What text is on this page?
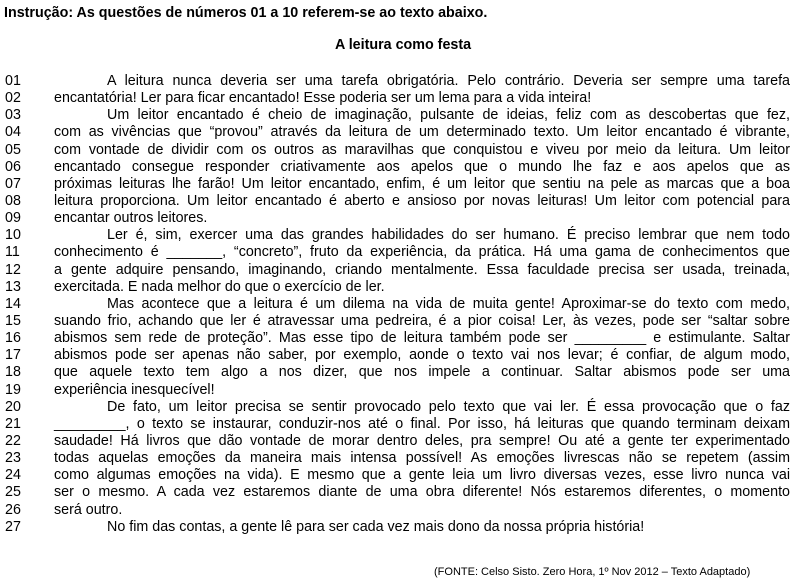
Instrução: As questões de números 01 a 10 referem-se ao texto abaixo.
A leitura como festa
01	A leitura nunca deveria ser uma tarefa obrigatória. Pelo contrário. Deveria ser sempre uma tarefa
02	encantatória! Ler para ficar encantado! Esse poderia ser um lema para a vida inteira!
03	Um leitor encantado é cheio de imaginação, pulsante de ideias, feliz com as descobertas que fez,
04	com as vivências que “provou” através da leitura de um determinado texto. Um leitor encantado é vibrante,
05	com vontade de dividir com os outros as maravilhas que conquistou e viveu por meio da leitura. Um leitor
06	encantado consegue responder criativamente aos apelos que o mundo lhe faz e aos apelos que as
07	próximas leituras lhe farão! Um leitor encantado, enfim, é um leitor que sentiu na pele as marcas que a boa
08	leitura proporciona. Um leitor encantado é aberto e ansioso por novas leituras! Um leitor com potencial para
09	encantar outros leitores.
10	Ler é, sim, exercer uma das grandes habilidades do ser humano. É preciso lembrar que nem todo
11	conhecimento é _______, “concreto”, fruto da experiência, da prática. Há uma gama de conhecimentos que
12	a gente adquire pensando, imaginando, criando mentalmente. Essa faculdade precisa ser usada, treinada,
13	exercitada. E nada melhor do que o exercício de ler.
14	Mas acontece que a leitura é um dilema na vida de muita gente! Aproximar-se do texto com medo,
15	suando frio, achando que ler é atravessar uma pedreira, é a pior coisa! Ler, às vezes, pode ser “saltar sobre
16	abismos sem rede de proteção”. Mas esse tipo de leitura também pode ser _________ e estimulante. Saltar
17	abismos pode ser apenas não saber, por exemplo, aonde o texto vai nos levar; é confiar, de algum modo,
18	que aquele texto tem algo a nos dizer, que nos impele a continuar. Saltar abismos pode ser uma
19	experiência inesquecível!
20	De fato, um leitor precisa se sentir provocado pelo texto que vai ler. É essa provocação que o faz
21	_________, o texto se instaurar, conduzir-nos até o final. Por isso, há leituras que quando terminam deixam
22	saudade! Há livros que dão vontade de morar dentro deles, pra sempre! Ou até a gente ter experimentado
23	todas aquelas emoções da maneira mais intensa possível! As emoções livrescas não se repetem (assim
24	como algumas emoções na vida). E mesmo que a gente leia um livro diversas vezes, esse livro nunca vai
25	ser o mesmo. A cada vez estaremos diante de uma obra diferente! Nós estaremos diferentes, o momento
26	será outro.
27	No fim das contas, a gente lê para ser cada vez mais dono da nossa própria história!
(FONTE: Celso Sisto. Zero Hora, 1º Nov 2012 – Texto Adaptado)
